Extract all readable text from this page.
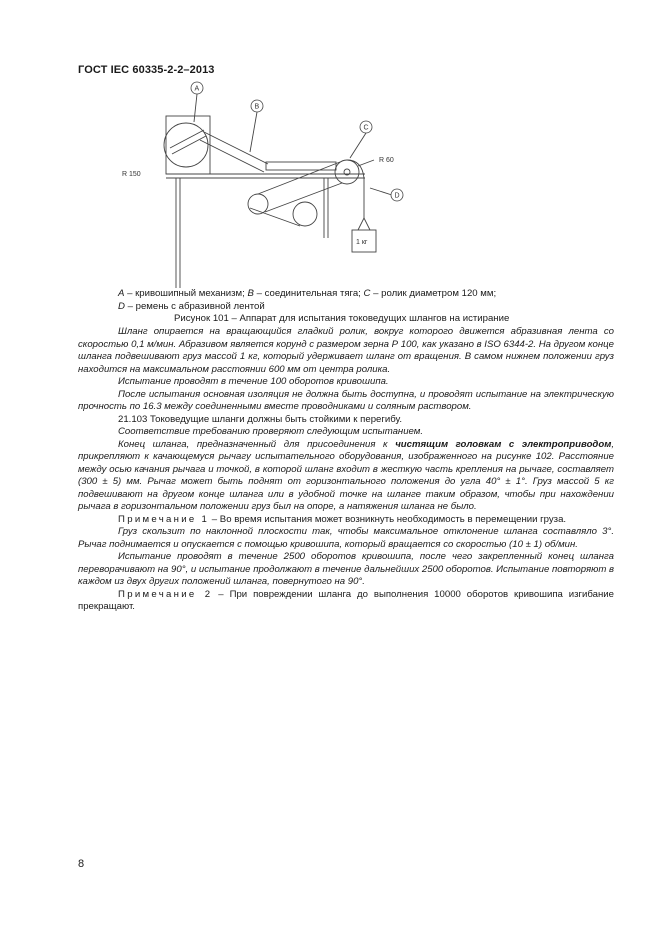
ГОСТ IEC 60335-2-2–2013
A
B
C
D
R 150
R 60
1 кг

А – кривошипный механизм; В – соединительная тяга; С – ролик диаметром 120 мм;

D – ремень с абразивной лентой

Рисунок 101 – Аппарат для испытания токоведущих шлангов на истирание

Шланг опирается на вращающийся гладкий ролик, вокруг которого движется абразивная лента со скоростью 0,1 м/мин. Абразивом является корунд с размером зерна Р 100, как указано в ISO 6344-2. На другом конце шланга подвешивают груз массой 1 кг, который удерживает шланг от вращения. В самом нижнем положении груз находится на максимальном расстоянии 600 мм от центра ролика.

Испытание проводят в течение 100 оборотов кривошипа.

После испытания основная изоляция не должна быть доступна, и проводят испытание на электрическую прочность по 16.3 между соединенными вместе проводниками и соляным раствором.

21.103 Токоведущие шланги должны быть стойкими к перегибу.

Соответствие требованию проверяют следующим испытанием.

Конец шланга, предназначенный для присоединения к чистящим головкам с электроприводом, прикрепляют к качающемуся рычагу испытательного оборудования, изображенного на рисунке 102. Расстояние между осью качания рычага и точкой, в которой шланг входит в жесткую часть крепления на рычаге, составляет (300 ± 5) мм. Рычаг может быть поднят от горизонтального положения до угла 40° ± 1°. Груз массой 5 кг подвешивают на другом конце шланга или в удобной точке на шланге таким образом, чтобы при нахождении рычага в горизонтальном положении груз был на опоре, а натяжения шланга не было.

Примечание 1 – Во время испытания может возникнуть необходимость в перемещении груза.

Груз скользит по наклонной плоскости так, чтобы максимальное отклонение шланга составляло 3°. Рычаг поднимается и опускается с помощью кривошипа, который вращается со скоростью (10 ± 1) об/мин.

Испытание проводят в течение 2500 оборотов кривошипа, после чего закрепленный конец шланга переворачивают на 90°, и испытание продолжают в течение дальнейших 2500 оборотов. Испытание повторяют в каждом из двух других положений шланга, повернутого на 90°.

Примечание 2 – При повреждении шланга до выполнения 10000 оборотов кривошипа изгибание прекращают.

8
